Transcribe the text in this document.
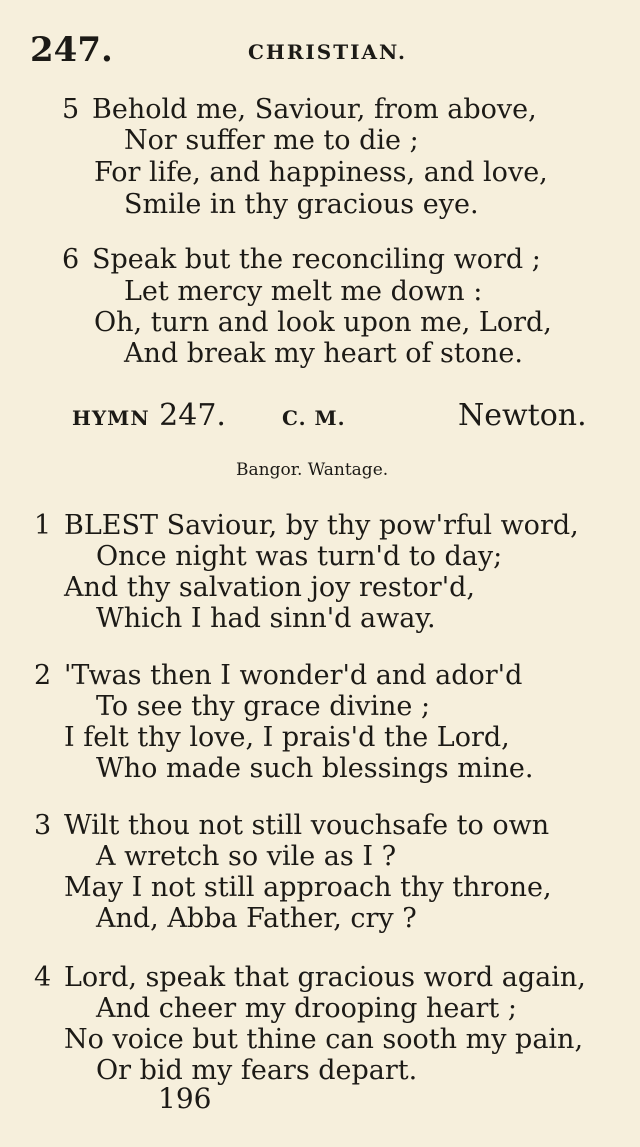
247.	CHRISTIAN.
5 Behold me, Saviour, from above,
Nor suffer me to die ;
For life, and happiness, and love,
Smile in thy gracious eye.
6 Speak but the reconciling word ;
Let mercy melt me down :
Oh, turn and look upon me, Lord,
And break my heart of stone.
HYMN 247.	C. M.	Newton.
Bangor. Wantage.
1 BLEST Saviour, by thy pow'rful word,
Once night was turn'd to day;
And thy salvation joy restor'd,
Which I had sinn'd away.
2 'Twas then I wonder'd and ador'd
To see thy grace divine ;
I felt thy love, I prais'd the Lord,
Who made such blessings mine.
3 Wilt thou not still vouchsafe to own
A wretch so vile as I ?
May I not still approach thy throne,
And, Abba Father, cry ?
4 Lord, speak that gracious word again,
And cheer my drooping heart ;
No voice but thine can sooth my pain,
Or bid my fears depart.
196
